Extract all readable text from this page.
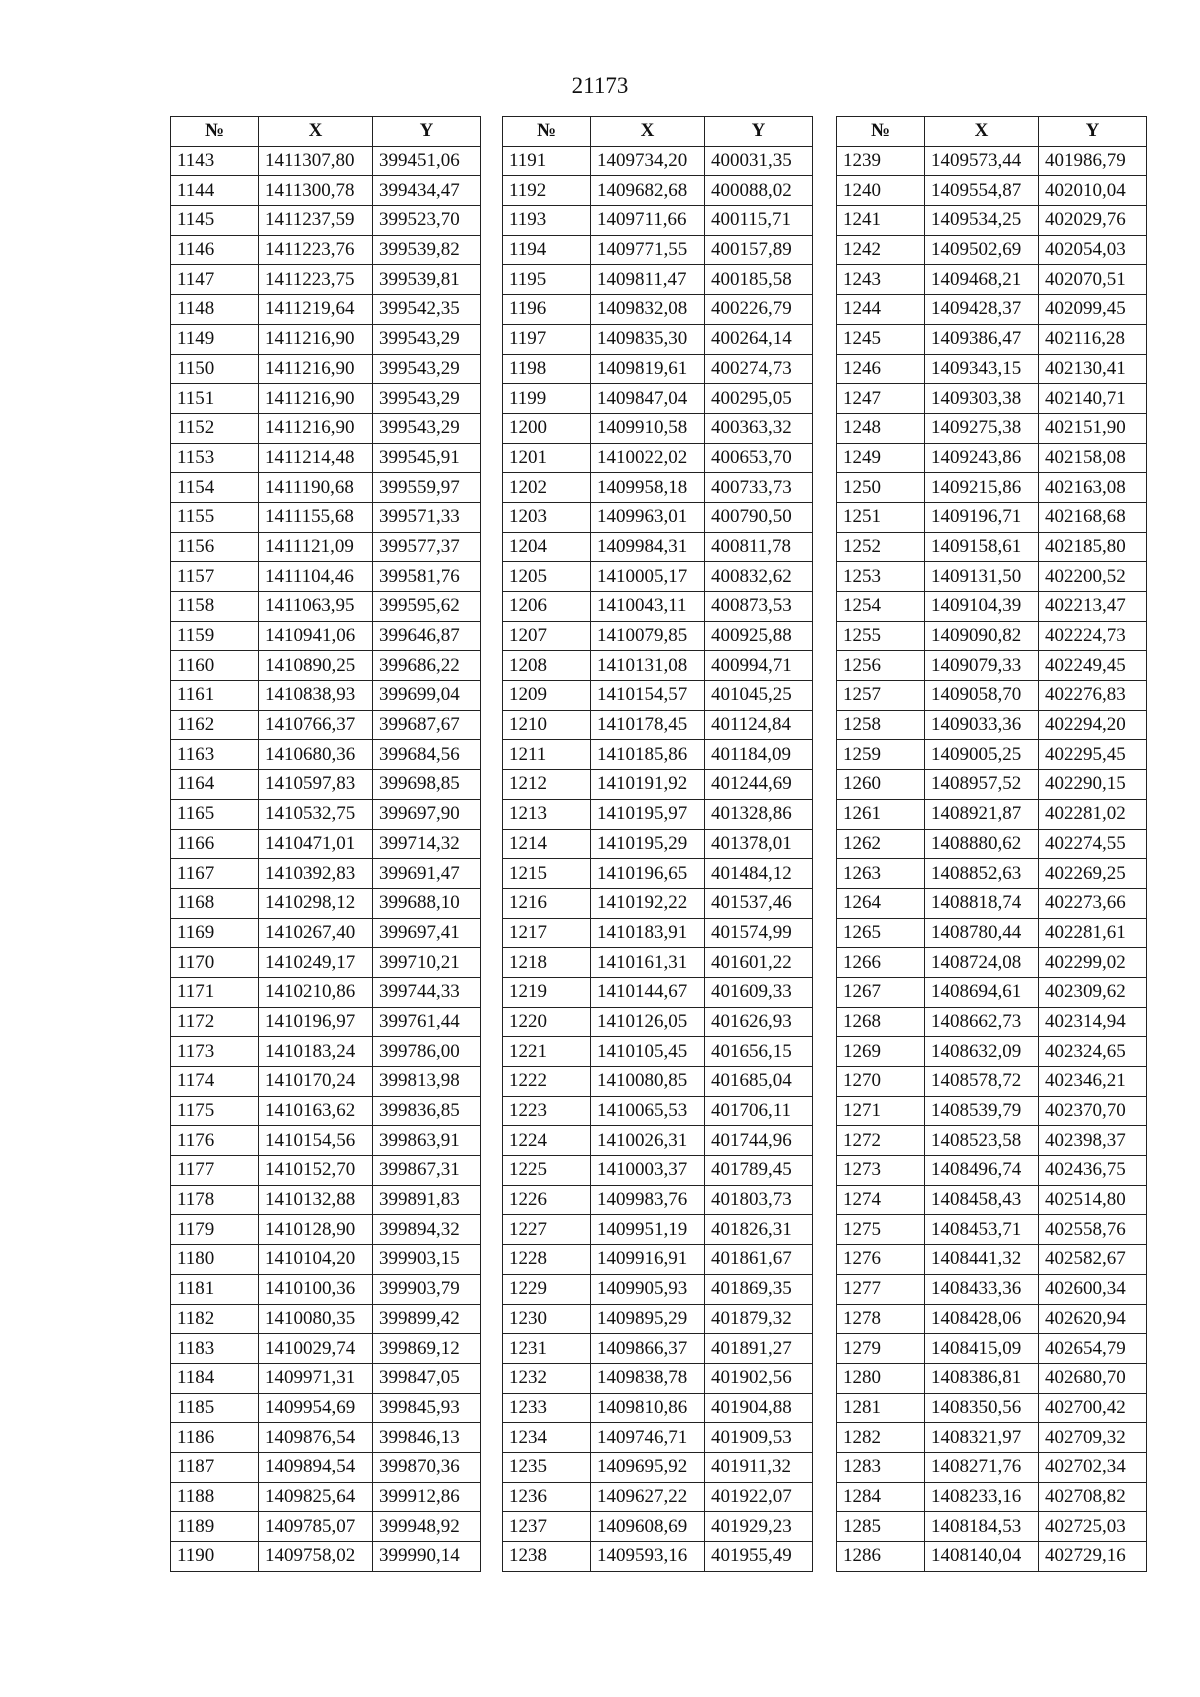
21173
№	X	Y
1143	1411307,80	399451,06
1144	1411300,78	399434,47
1145	1411237,59	399523,70
1146	1411223,76	399539,82
1147	1411223,75	399539,81
1148	1411219,64	399542,35
1149	1411216,90	399543,29
1150	1411216,90	399543,29
1151	1411216,90	399543,29
1152	1411216,90	399543,29
1153	1411214,48	399545,91
1154	1411190,68	399559,97
1155	1411155,68	399571,33
1156	1411121,09	399577,37
1157	1411104,46	399581,76
1158	1411063,95	399595,62
1159	1410941,06	399646,87
1160	1410890,25	399686,22
1161	1410838,93	399699,04
1162	1410766,37	399687,67
1163	1410680,36	399684,56
1164	1410597,83	399698,85
1165	1410532,75	399697,90
1166	1410471,01	399714,32
1167	1410392,83	399691,47
1168	1410298,12	399688,10
1169	1410267,40	399697,41
1170	1410249,17	399710,21
1171	1410210,86	399744,33
1172	1410196,97	399761,44
1173	1410183,24	399786,00
1174	1410170,24	399813,98
1175	1410163,62	399836,85
1176	1410154,56	399863,91
1177	1410152,70	399867,31
1178	1410132,88	399891,83
1179	1410128,90	399894,32
1180	1410104,20	399903,15
1181	1410100,36	399903,79
1182	1410080,35	399899,42
1183	1410029,74	399869,12
1184	1409971,31	399847,05
1185	1409954,69	399845,93
1186	1409876,54	399846,13
1187	1409894,54	399870,36
1188	1409825,64	399912,86
1189	1409785,07	399948,92
1190	1409758,02	399990,14
№	X	Y
1191	1409734,20	400031,35
1192	1409682,68	400088,02
1193	1409711,66	400115,71
1194	1409771,55	400157,89
1195	1409811,47	400185,58
1196	1409832,08	400226,79
1197	1409835,30	400264,14
1198	1409819,61	400274,73
1199	1409847,04	400295,05
1200	1409910,58	400363,32
1201	1410022,02	400653,70
1202	1409958,18	400733,73
1203	1409963,01	400790,50
1204	1409984,31	400811,78
1205	1410005,17	400832,62
1206	1410043,11	400873,53
1207	1410079,85	400925,88
1208	1410131,08	400994,71
1209	1410154,57	401045,25
1210	1410178,45	401124,84
1211	1410185,86	401184,09
1212	1410191,92	401244,69
1213	1410195,97	401328,86
1214	1410195,29	401378,01
1215	1410196,65	401484,12
1216	1410192,22	401537,46
1217	1410183,91	401574,99
1218	1410161,31	401601,22
1219	1410144,67	401609,33
1220	1410126,05	401626,93
1221	1410105,45	401656,15
1222	1410080,85	401685,04
1223	1410065,53	401706,11
1224	1410026,31	401744,96
1225	1410003,37	401789,45
1226	1409983,76	401803,73
1227	1409951,19	401826,31
1228	1409916,91	401861,67
1229	1409905,93	401869,35
1230	1409895,29	401879,32
1231	1409866,37	401891,27
1232	1409838,78	401902,56
1233	1409810,86	401904,88
1234	1409746,71	401909,53
1235	1409695,92	401911,32
1236	1409627,22	401922,07
1237	1409608,69	401929,23
1238	1409593,16	401955,49
№	X	Y
1239	1409573,44	401986,79
1240	1409554,87	402010,04
1241	1409534,25	402029,76
1242	1409502,69	402054,03
1243	1409468,21	402070,51
1244	1409428,37	402099,45
1245	1409386,47	402116,28
1246	1409343,15	402130,41
1247	1409303,38	402140,71
1248	1409275,38	402151,90
1249	1409243,86	402158,08
1250	1409215,86	402163,08
1251	1409196,71	402168,68
1252	1409158,61	402185,80
1253	1409131,50	402200,52
1254	1409104,39	402213,47
1255	1409090,82	402224,73
1256	1409079,33	402249,45
1257	1409058,70	402276,83
1258	1409033,36	402294,20
1259	1409005,25	402295,45
1260	1408957,52	402290,15
1261	1408921,87	402281,02
1262	1408880,62	402274,55
1263	1408852,63	402269,25
1264	1408818,74	402273,66
1265	1408780,44	402281,61
1266	1408724,08	402299,02
1267	1408694,61	402309,62
1268	1408662,73	402314,94
1269	1408632,09	402324,65
1270	1408578,72	402346,21
1271	1408539,79	402370,70
1272	1408523,58	402398,37
1273	1408496,74	402436,75
1274	1408458,43	402514,80
1275	1408453,71	402558,76
1276	1408441,32	402582,67
1277	1408433,36	402600,34
1278	1408428,06	402620,94
1279	1408415,09	402654,79
1280	1408386,81	402680,70
1281	1408350,56	402700,42
1282	1408321,97	402709,32
1283	1408271,76	402702,34
1284	1408233,16	402708,82
1285	1408184,53	402725,03
1286	1408140,04	402729,16
